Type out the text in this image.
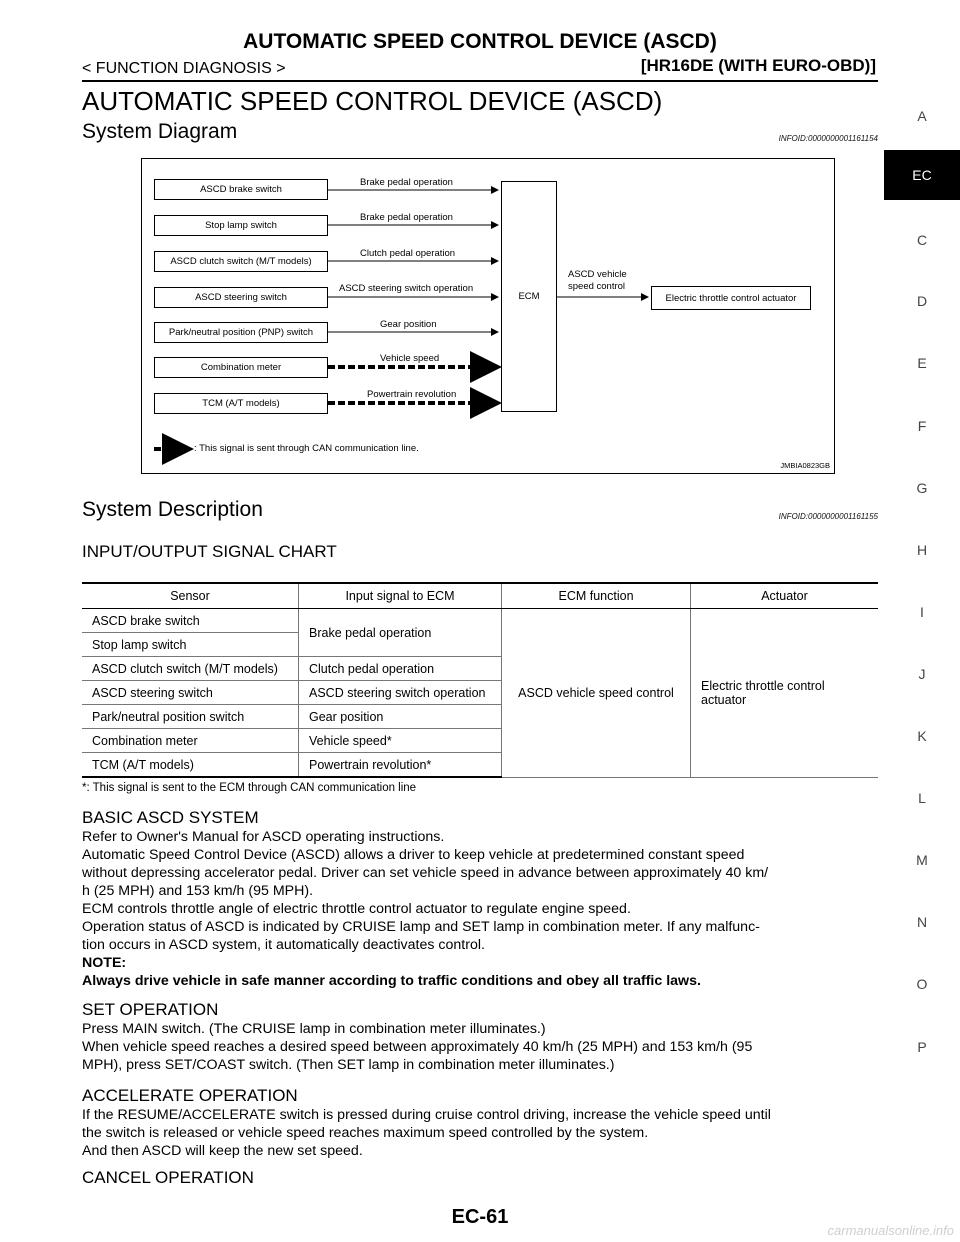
AUTOMATIC SPEED CONTROL DEVICE (ASCD)
< FUNCTION DIAGNOSIS >	[HR16DE (WITH EURO-OBD)]
AUTOMATIC SPEED CONTROL DEVICE (ASCD)
System Diagram	INFOID:0000000001161154
ASCD brake switch
Stop lamp switch
ASCD clutch switch (M/T models)
ASCD steering switch
Park/neutral position (PNP) switch
Combination meter
TCM (A/T models)
Brake pedal operation
Brake pedal operation
Clutch pedal operation
ASCD steering switch operation
Gear position
Vehicle speed
Powertrain revolution
ECM
ASCD vehicle
speed control
Electric throttle control actuator
: This signal is sent through CAN communication line.
JMBIA0823GB
System Description	INFOID:0000000001161155
INPUT/OUTPUT SIGNAL CHART
Sensor	Input signal to ECM	ECM function	Actuator
ASCD brake switch	Brake pedal operation	ASCD vehicle speed control	Electric throttle control
actuator

Stop lamp switch			
ASCD clutch switch (M/T models)	Clutch pedal operation		
ASCD steering switch	ASCD steering switch operation		
Park/neutral position switch	Gear position		
Combination meter	Vehicle speed*		
TCM (A/T models)	Powertrain revolution*		
*: This signal is sent to the ECM through CAN communication line
BASIC ASCD SYSTEM
Refer to Owner's Manual for ASCD operating instructions.
Automatic Speed Control Device (ASCD) allows a driver to keep vehicle at predetermined constant speed
without depressing accelerator pedal. Driver can set vehicle speed in advance between approximately 40 km/
h (25 MPH) and 153 km/h (95 MPH).
ECM controls throttle angle of electric throttle control actuator to regulate engine speed.
Operation status of ASCD is indicated by CRUISE lamp and SET lamp in combination meter. If any malfunc-
tion occurs in ASCD system, it automatically deactivates control.
NOTE:
Always drive vehicle in safe manner according to traffic conditions and obey all traffic laws.
SET OPERATION
Press MAIN switch. (The CRUISE lamp in combination meter illuminates.)
When vehicle speed reaches a desired speed between approximately 40 km/h (25 MPH) and 153 km/h (95
MPH), press SET/COAST switch. (Then SET lamp in combination meter illuminates.)
ACCELERATE OPERATION
If the RESUME/ACCELERATE switch is pressed during cruise control driving, increase the vehicle speed until
the switch is released or vehicle speed reaches maximum speed controlled by the system.
And then ASCD will keep the new set speed.
CANCEL OPERATION
A
EC
C
D
E
F
G
H
I
J
K
L
M
N
O
P
EC-61
carmanualsonline.info
